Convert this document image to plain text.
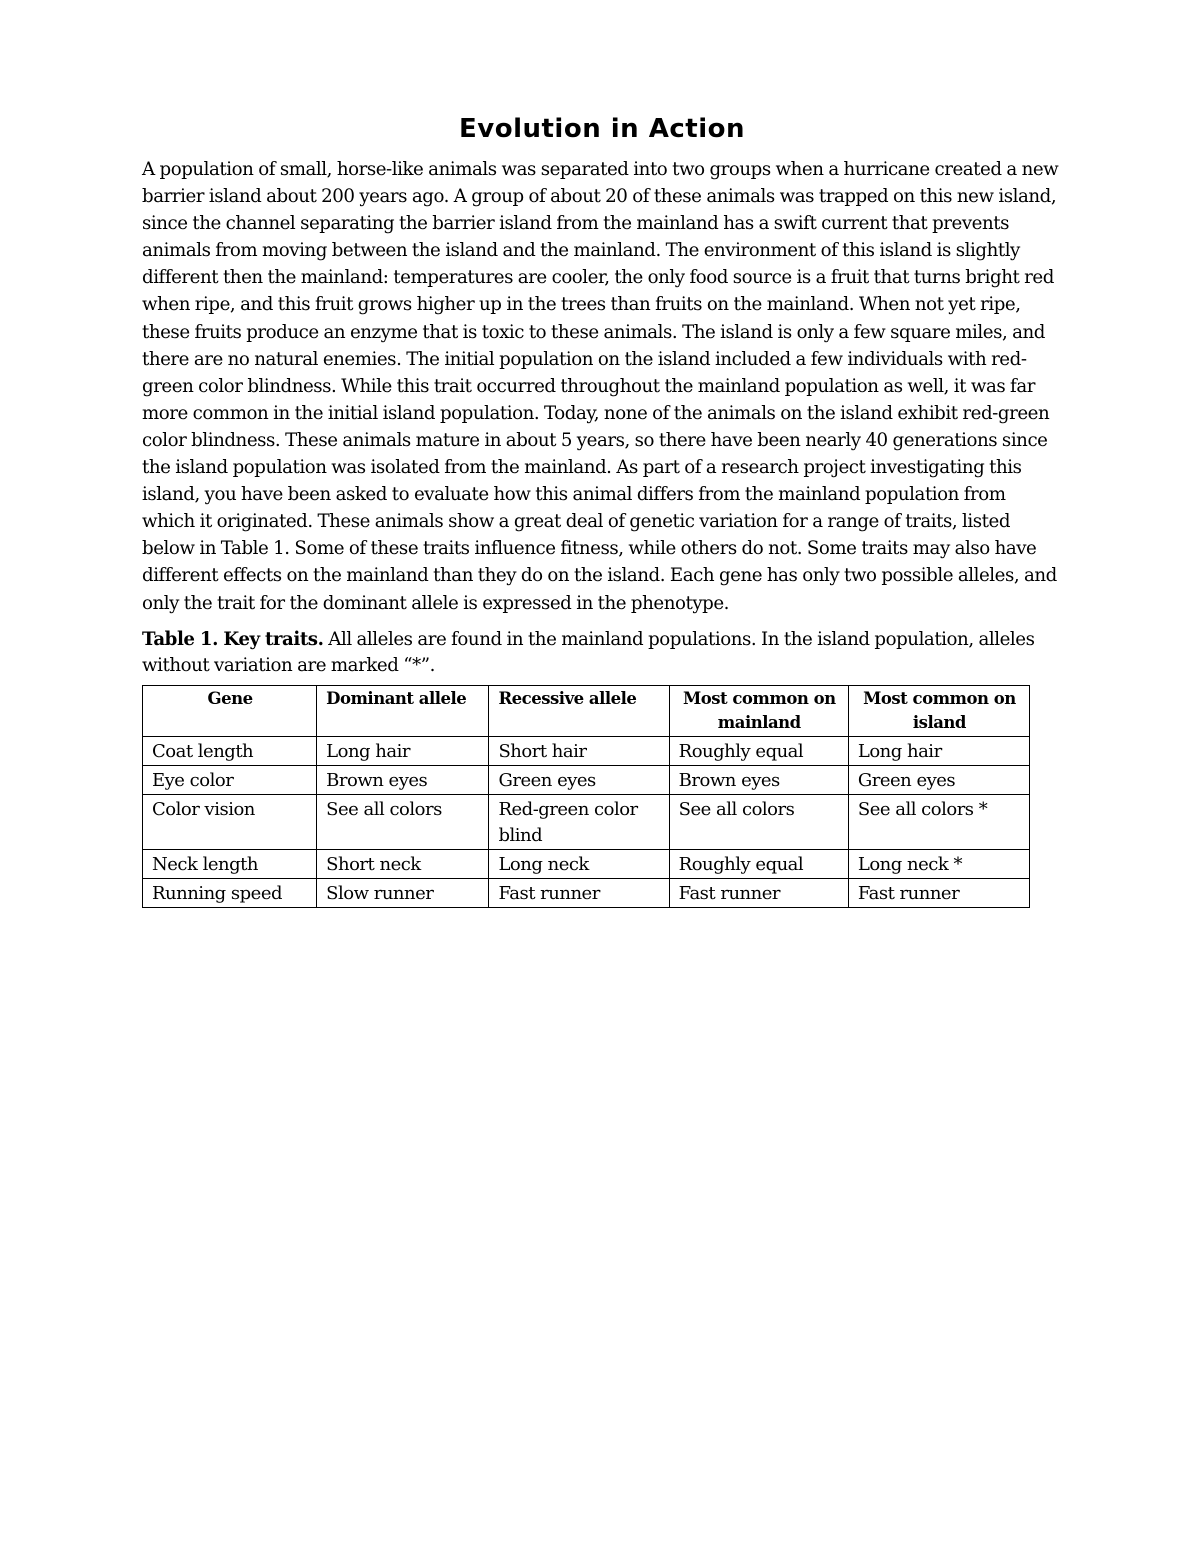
Evolution in Action

A population of small, horse-like animals was separated into two groups when a hurricane created a new barrier island about 200 years ago. A group of about 20 of these animals was trapped on this new island, since the channel separating the barrier island from the mainland has a swift current that prevents animals from moving between the island and the mainland. The environment of this island is slightly different then the mainland: temperatures are cooler, the only food source is a fruit that turns bright red when ripe, and this fruit grows higher up in the trees than fruits on the mainland. When not yet ripe, these fruits produce an enzyme that is toxic to these animals. The island is only a few square miles, and there are no natural enemies. The initial population on the island included a few individuals with red-green color blindness. While this trait occurred throughout the mainland population as well, it was far more common in the initial island population. Today, none of the animals on the island exhibit red-green color blindness. These animals mature in about 5 years, so there have been nearly 40 generations since the island population was isolated from the mainland. As part of a research project investigating this island, you have been asked to evaluate how this animal differs from the mainland population from which it originated. These animals show a great deal of genetic variation for a range of traits, listed below in Table 1. Some of these traits influence fitness, while others do not. Some traits may also have different effects on the mainland than they do on the island. Each gene has only two possible alleles, and only the trait for the dominant allele is expressed in the phenotype.

Table 1. Key traits. All alleles are found in the mainland populations. In the island population, alleles without variation are marked “*”.

Gene	Dominant allele	Recessive allele	Most common on mainland	Most common on island
Coat length	Long hair	Short hair	Roughly equal	Long hair
Eye color	Brown eyes	Green eyes	Brown eyes	Green eyes
Color vision	See all colors	Red-green color blind	See all colors	See all colors *
Neck length	Short neck	Long neck	Roughly equal	Long neck *
Running speed	Slow runner	Fast runner	Fast runner	Fast runner
